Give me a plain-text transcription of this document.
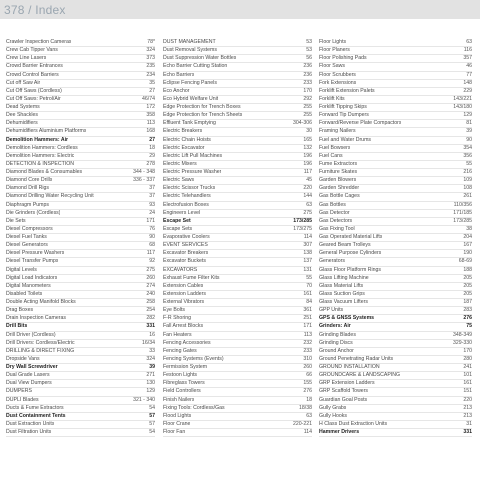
378 / Index
Crawler Inspection Cameras	78*
Crew Cab Tipper Vans	324
Crew Line Lasers	373
Crowd Barrier Entrances	235
Crowd Control Barriers	234
Cut off Saw Air	35
Cut Off Saws (Cordless)	27
Cut Off Saws: Petrol/Air	46/74
Dead Systems	172
Dee Shackles	358
Dehumidifiers	113
Dehumidifiers Aluminium Platforms	168
Demolition Hammers: Air	27
Demolition Hammers: Cordless	18
Demolition Hammers: Electric	29
DETECTION & INSPECTION	278
Diamond Blades & Consumables	344 - 348
Diamond Core Drills	336 - 337
Diamond Drill Rigs	37
Diamond Drilling Water Recycling Unit	37
Diaphragm Pumps	93
Die Grinders (Cordless)	24
Die Sets	171
Diesel Compressors	76
Diesel Fuel Tanks	90
Diesel Generators	68
Diesel Pressure Washers	117
Diesel Transfer Pumps	92
Digital Levels	275
Digital Load Indicators	260
Digital Manometers	274
Disabled Toilets	240
Double Acting Manifold Blocks	258
Drag Boxes	254
Drain Inspection Cameras	282
Drill Bits	331
Drill Driver (Cordless)	16
Drill Drivers: Cordless/Electric	16/34
DRILLING & DIRECT FIXING	33
Dropside Vans	324
Dry Wall Screwdriver	39
Dual Grade Lasers	271
Dual View Dumpers	130
DUMPERS	129
DUPLI Blades	321 - 340
Ducts & Fume Extractors	54
Dust Containment Tents	57
Dust Extraction Units	57
Dust Filtration Units	54
DUST MANAGEMENT	53
Dust Removal Systems	53
Dust Suppression Water Bottles	56
Echo Barrier Cutting Station	236
Echo Barriers	236
Eclipse Fencing Panels	233
Eco Anchor	170
Eco Hybrid Welfare Unit	292
Edge Protection for Trench Boxes	255
Edge Protection for Trench Sheets	255
Effluent Tank Emptying	304-306
Electric Breakers	30
Electric Chain Hoists	165
Electric Excavator	132
Electric Lift Pull Machines	196
Electric Mixers	196
Electric Pressure Washer	117
Electric Saws	45
Electric Scissor Trucks	220
Electric Telehandlers	144
Electrofusion Boxes	63
Engineers Level	275
Escape Set	173/285
Escape Sets	173/275
Evaporative Coolers	114
EVENT SERVICES	307
Excavator Breakers	138
Excavator Buckets	137
EXCAVATORS	131
Exhaust Fume Filter Kits	55
Extension Cables	70
Extension Ladders	161
External Vibrators	84
Eye Bolts	361
F-R Shoring	251
Fall Arrest Blocks	171
Fan Heaters	113
Fencing Accessories	232
Fencing Gates	233
Fencing Systems (Events)	310
Fermission System	260
Festoon Lights	66
Fibreglass Towers	155
Field Controllers	276
Finish Nailers	18
Fixing Tools: Cordless/Gas	18/38
Flood Lights	63
Floor Crane	220-221
Floor Fan	114
Floor Lights	63
Floor Planers	116
Floor Polishing Pads	357
Floor Saws	46
Floor Scrubbers	77
Fork Extensions	148
Forklift Extension Palets	229
Forklift Kits	143/221
Forklift Tipping Skips	143/180
Forward Tip Dumpers	129
Forward/Reverse Plate Compactors	81
Framing Nailers	39
Fuel and Water Drums	90
Fuel Bowsers	354
Fuel Cans	356
Fume Extractors	55
Furniture Skates	216
Garden Blowers	109
Garden Shredder	108
Gas Bottle Cages	261
Gas Bottles	110/356
Gas Detector	171/185
Gas Detectors	173/285
Gas Fixing Tool	38
Gas Operated Material Lifts	204
Geared Beam Trolleys	167
General Purpose Cylinders	190
Generators	68-69
Glass Floor Platform Rings	188
Glass Lifting Machine	205
Glass Material Lifts	205
Glass Suction Grips	205
Glass Vacuum Lifters	187
GPP Units	283
GPS & GNSS Systems	276
Grinders: Air	75
Grinding Blades	348-349
Grinding Discs	329-330
Ground Anchor	170
Ground Penetrating Radar Units	280
GROUND INSTALLATION	241
GROUNDCARE & LANDSCAPING	101
GRP Extension Ladders	161
GRP Scaffold Towers	151
Guardian Goal Posts	220
Gully Grabs	213
Gully Hooks	213
H Class Dust Extraction Units	31
Hammer Drivers	331
